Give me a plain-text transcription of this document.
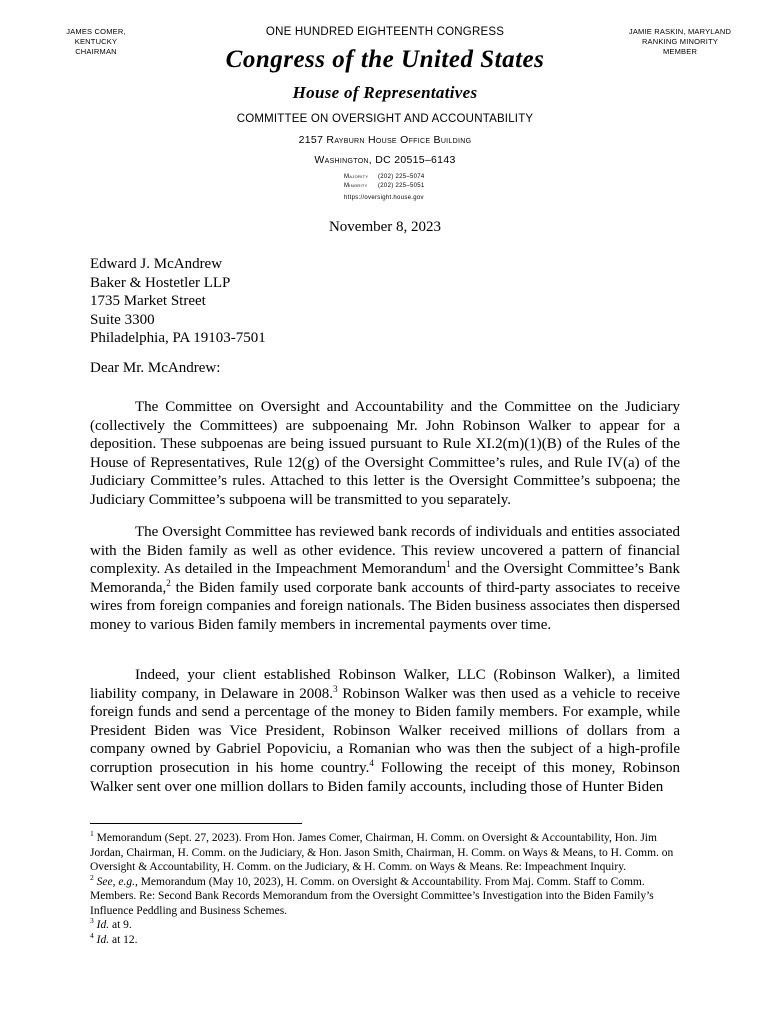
JAMES COMER, KENTUCKY
CHAIRMAN
ONE HUNDRED EIGHTEENTH CONGRESS	JAMIE RASKIN, MARYLAND
RANKING MINORITY MEMBER
Congress of the United States
House of Representatives
COMMITTEE ON OVERSIGHT AND ACCOUNTABILITY
2157 Rayburn House Office Building
Washington, DC 20515–6143
Majority (202) 225–5074
Minority (202) 225–5051
https://oversight.house.gov
November 8, 2023
Edward J. McAndrew
Baker & Hostetler LLP
1735 Market Street
Suite 3300
Philadelphia, PA 19103-7501
Dear Mr. McAndrew:

The Committee on Oversight and Accountability and the Committee on the Judiciary (collectively the Committees) are subpoenaing Mr. John Robinson Walker to appear for a deposition. These subpoenas are being issued pursuant to Rule XI.2(m)(1)(B) of the Rules of the House of Representatives, Rule 12(g) of the Oversight Committee’s rules, and Rule IV(a) of the Judiciary Committee’s rules. Attached to this letter is the Oversight Committee’s subpoena; the Judiciary Committee’s subpoena will be transmitted to you separately.

The Oversight Committee has reviewed bank records of individuals and entities associated with the Biden family as well as other evidence. This review uncovered a pattern of financial complexity. As detailed in the Impeachment Memorandum$^1$ and the Oversight Committee’s Bank Memoranda,$^2$ the Biden family used corporate bank accounts of third-party associates to receive wires from foreign companies and foreign nationals. The Biden business associates then dispersed money to various Biden family members in incremental payments over time.

Indeed, your client established Robinson Walker, LLC (Robinson Walker), a limited liability company, in Delaware in 2008.$^3$ Robinson Walker was then used as a vehicle to receive foreign funds and send a percentage of the money to Biden family members. For example, while President Biden was Vice President, Robinson Walker received millions of dollars from a company owned by Gabriel Popoviciu, a Romanian who was then the subject of a high-profile corruption prosecution in his home country.$^4$ Following the receipt of this money, Robinson Walker sent over one million dollars to Biden family accounts, including those of Hunter Biden

$^1$ Memorandum (Sept. 27, 2023). From Hon. James Comer, Chairman, H. Comm. on Oversight & Accountability, Hon. Jim Jordan, Chairman, H. Comm. on the Judiciary, & Hon. Jason Smith, Chairman, H. Comm. on Ways & Means, to H. Comm. on Oversight & Accountability, H. Comm. on the Judiciary, & H. Comm. on Ways & Means. Re: Impeachment Inquiry.

$^2$ See, e.g., Memorandum (May 10, 2023), H. Comm. on Oversight & Accountability. From Maj. Comm. Staff to Comm. Members. Re: Second Bank Records Memorandum from the Oversight Committee’s Investigation into the Biden Family’s Influence Peddling and Business Schemes.

$^3$ Id. at 9.

$^4$ Id. at 12.
